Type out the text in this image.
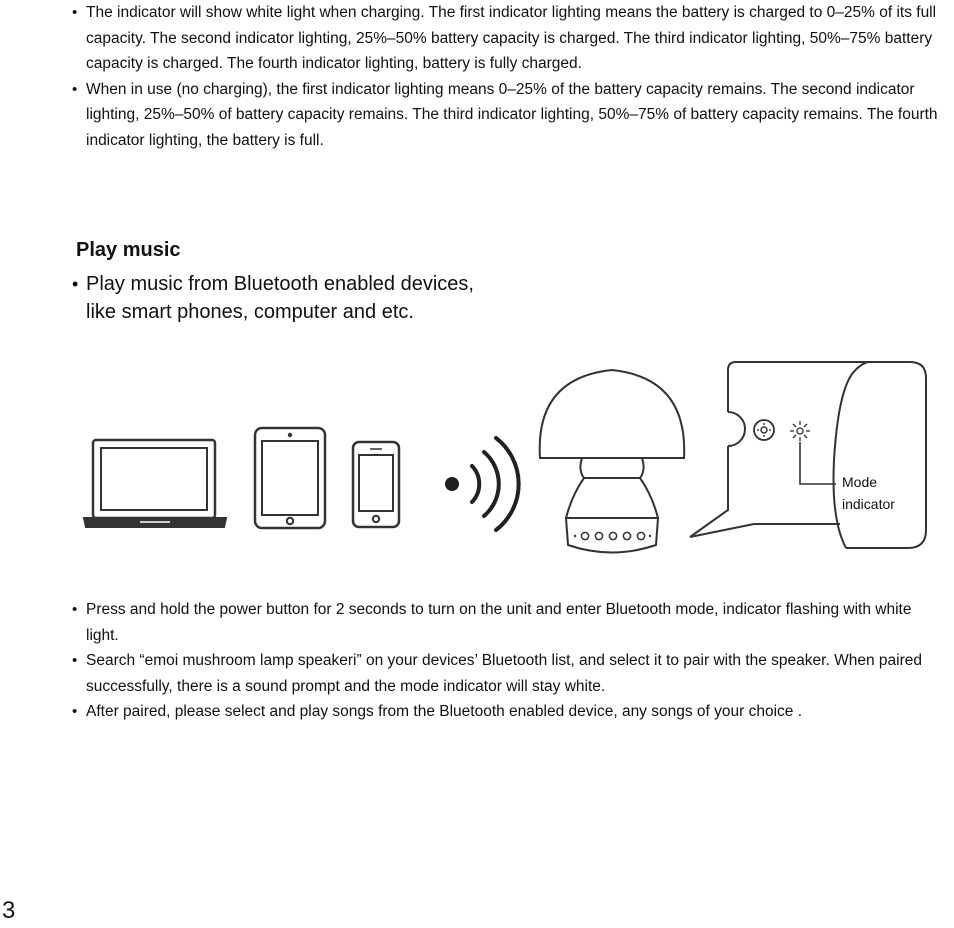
• The indicator will show white light when charging. The first indicator lighting means the battery is charged to 0–25% of its full capacity. The second indicator lighting, 25%–50% battery capacity is charged. The third indicator lighting, 50%–75% battery capacity is charged. The fourth indicator lighting, battery is fully charged.
• When in use (no charging), the first indicator lighting means 0–25% of the battery capacity remains. The second indicator lighting, 25%–50% of battery capacity remains. The third indicator lighting, 50%–75% of battery capacity remains. The fourth indicator lighting, the battery is full.
Play music
• Play music from Bluetooth enabled devices, like smart phones, computer and etc.
Mode
indicator
• Press and hold the power button for 2 seconds to turn on the unit and enter Bluetooth mode, indicator flashing with white light.
• Search “emoi mushroom lamp speakeri” on your devices’ Bluetooth list, and select it to pair with the speaker. When paired successfully, there is a sound prompt and the mode indicator will stay white.
• After paired, please select and play songs from the Bluetooth enabled device, any songs of your choice .
3
